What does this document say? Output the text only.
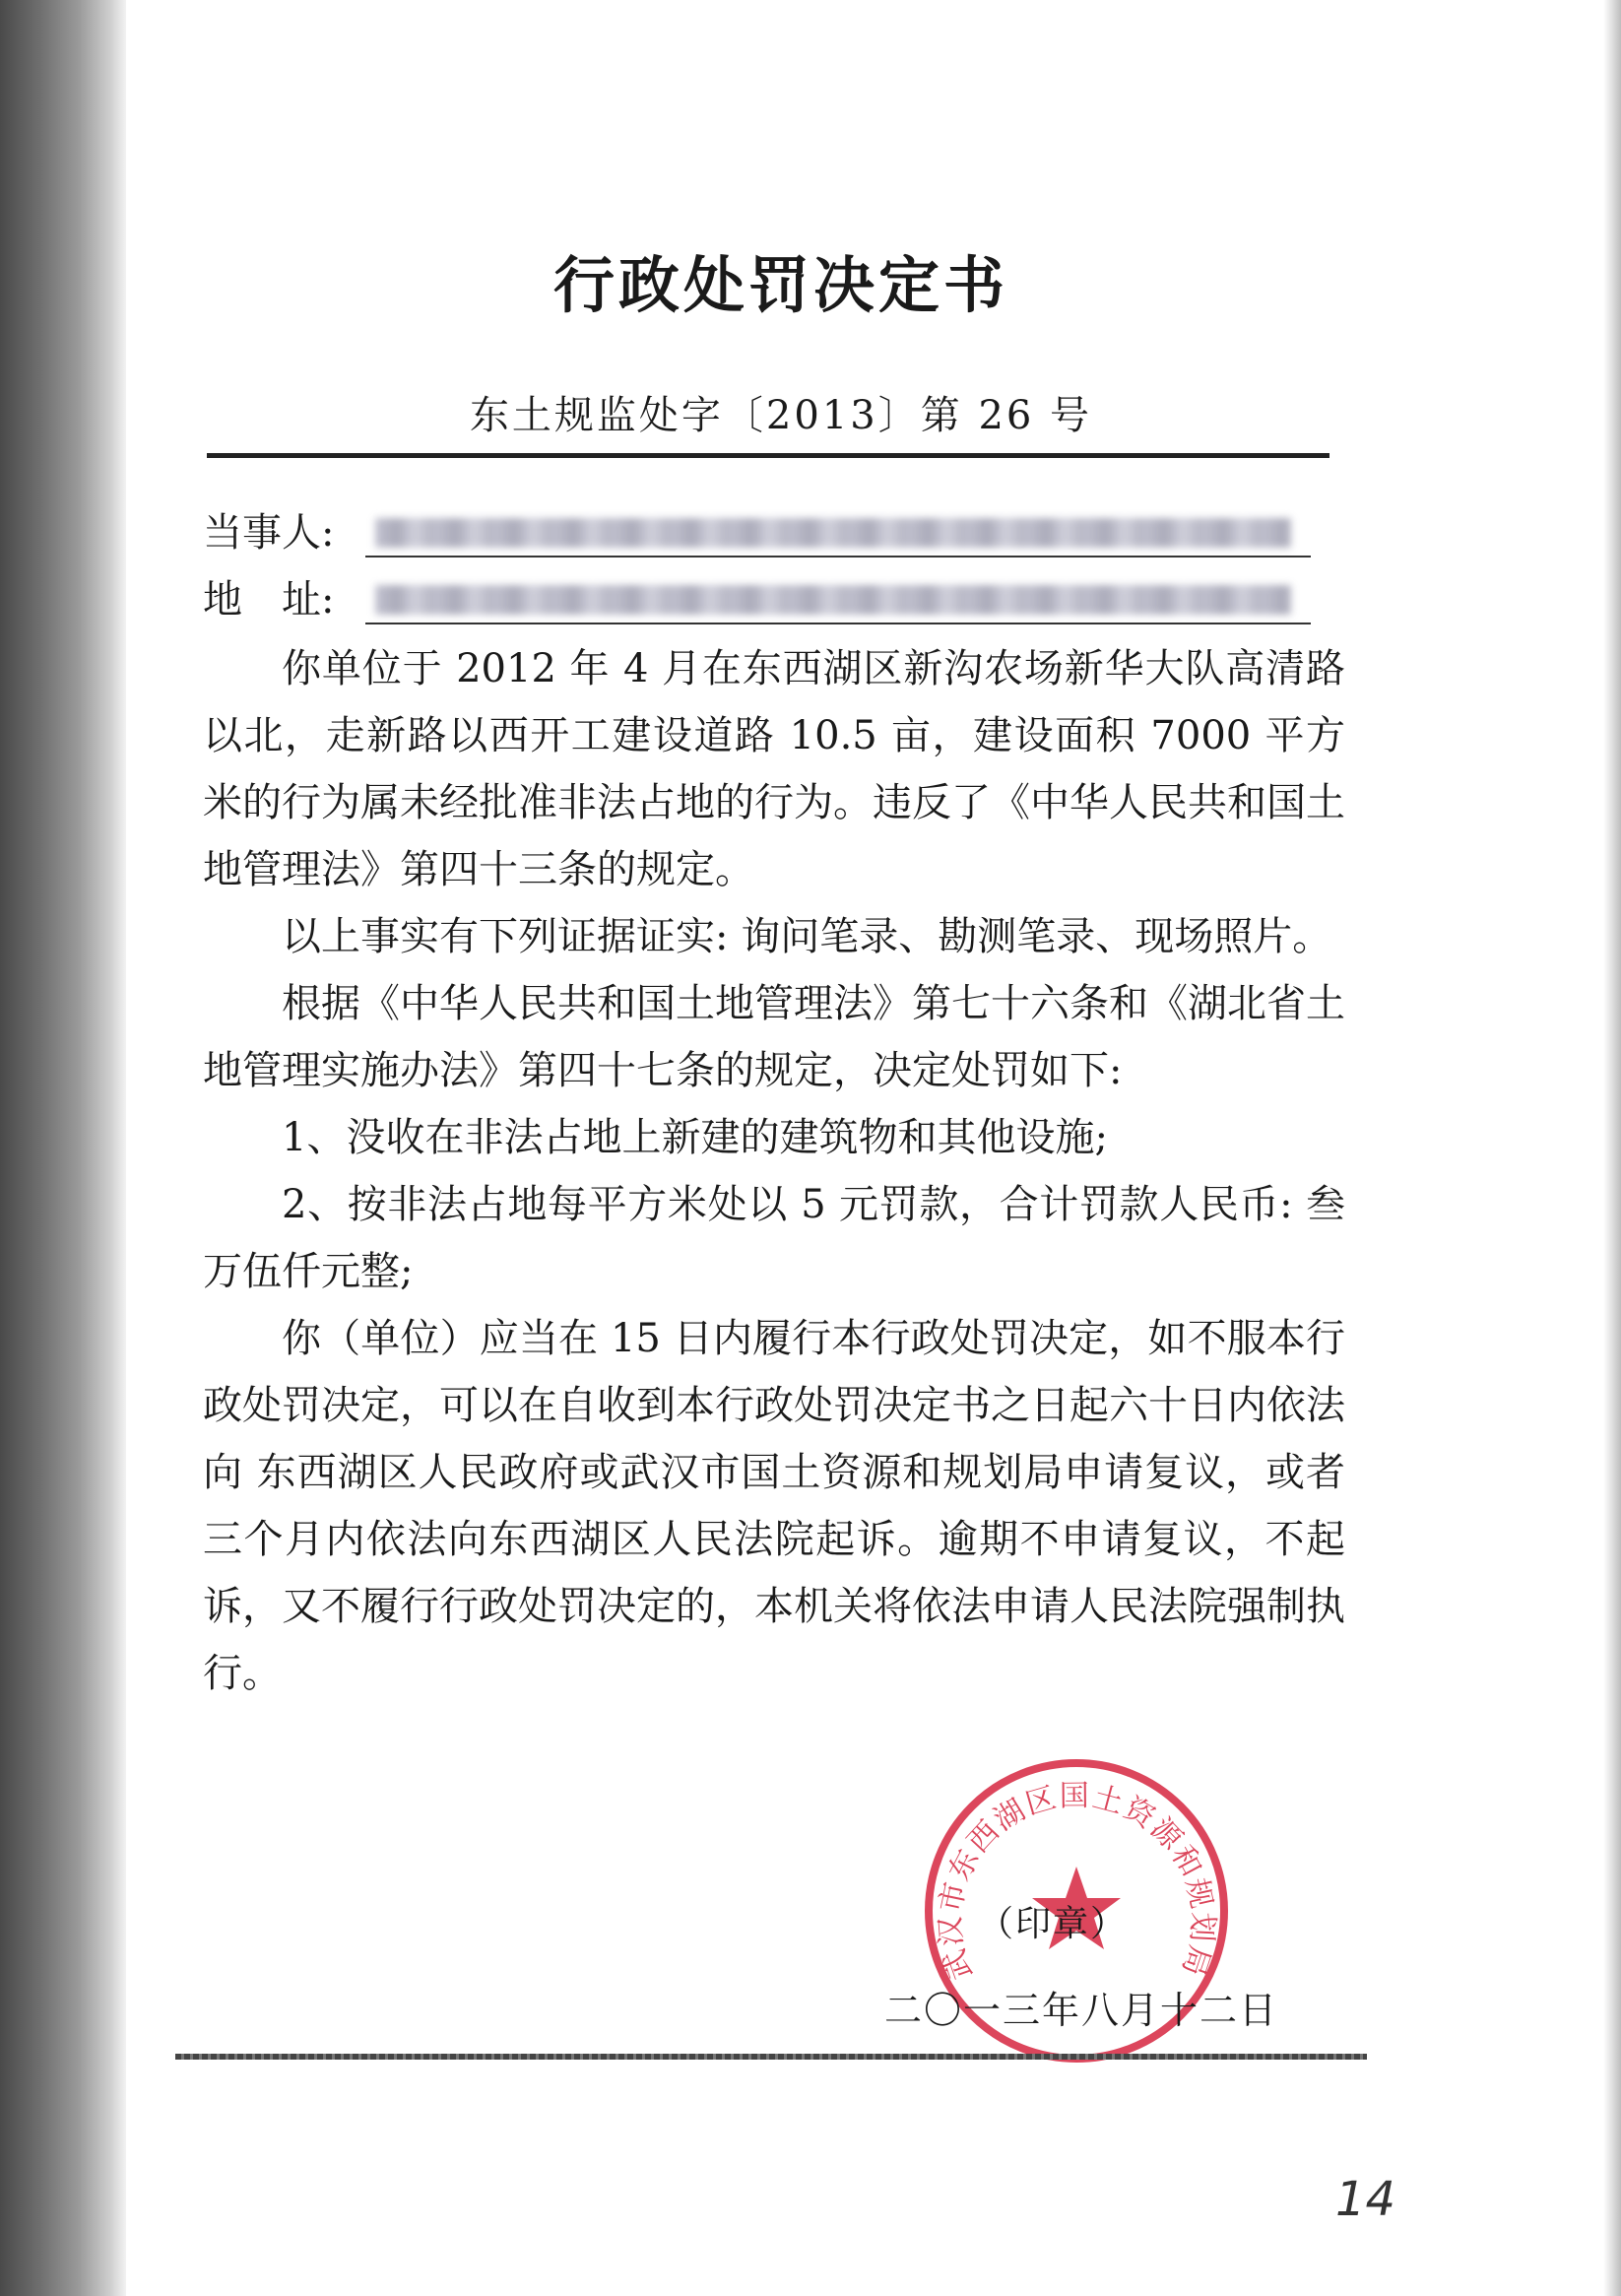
行政处罚决定书
东土规监处字〔2013〕第 26 号
当事人:
地　址:

你单位于 2012 年 4 月在东西湖区新沟农场新华大队高清路以北，走新路以西开工建设道路 10.5 亩，建设面积 7000 平方米的行为属未经批准非法占地的行为。违反了《中华人民共和国土地管理法》第四十三条的规定。

以上事实有下列证据证实: 询问笔录、勘测笔录、现场照片。

根据《中华人民共和国土地管理法》第七十六条和《湖北省土地管理实施办法》第四十七条的规定，决定处罚如下:

1、没收在非法占地上新建的建筑物和其他设施;

2、按非法占地每平方米处以 5 元罚款，合计罚款人民币: 叁万伍仟元整;

你（单位）应当在 15 日内履行本行政处罚决定，如不服本行政处罚决定，可以在自收到本行政处罚决定书之日起六十日内依法向 东西湖区人民政府或武汉市国土资源和规划局申请复议，或者三个月内依法向东西湖区人民法院起诉。逾期不申请复议，不起诉，又不履行行政处罚决定的，本机关将依法申请人民法院强制执行。

武汉市东西湖区国土资源和规划局
（印章）
二〇一三年八月十二日
14
